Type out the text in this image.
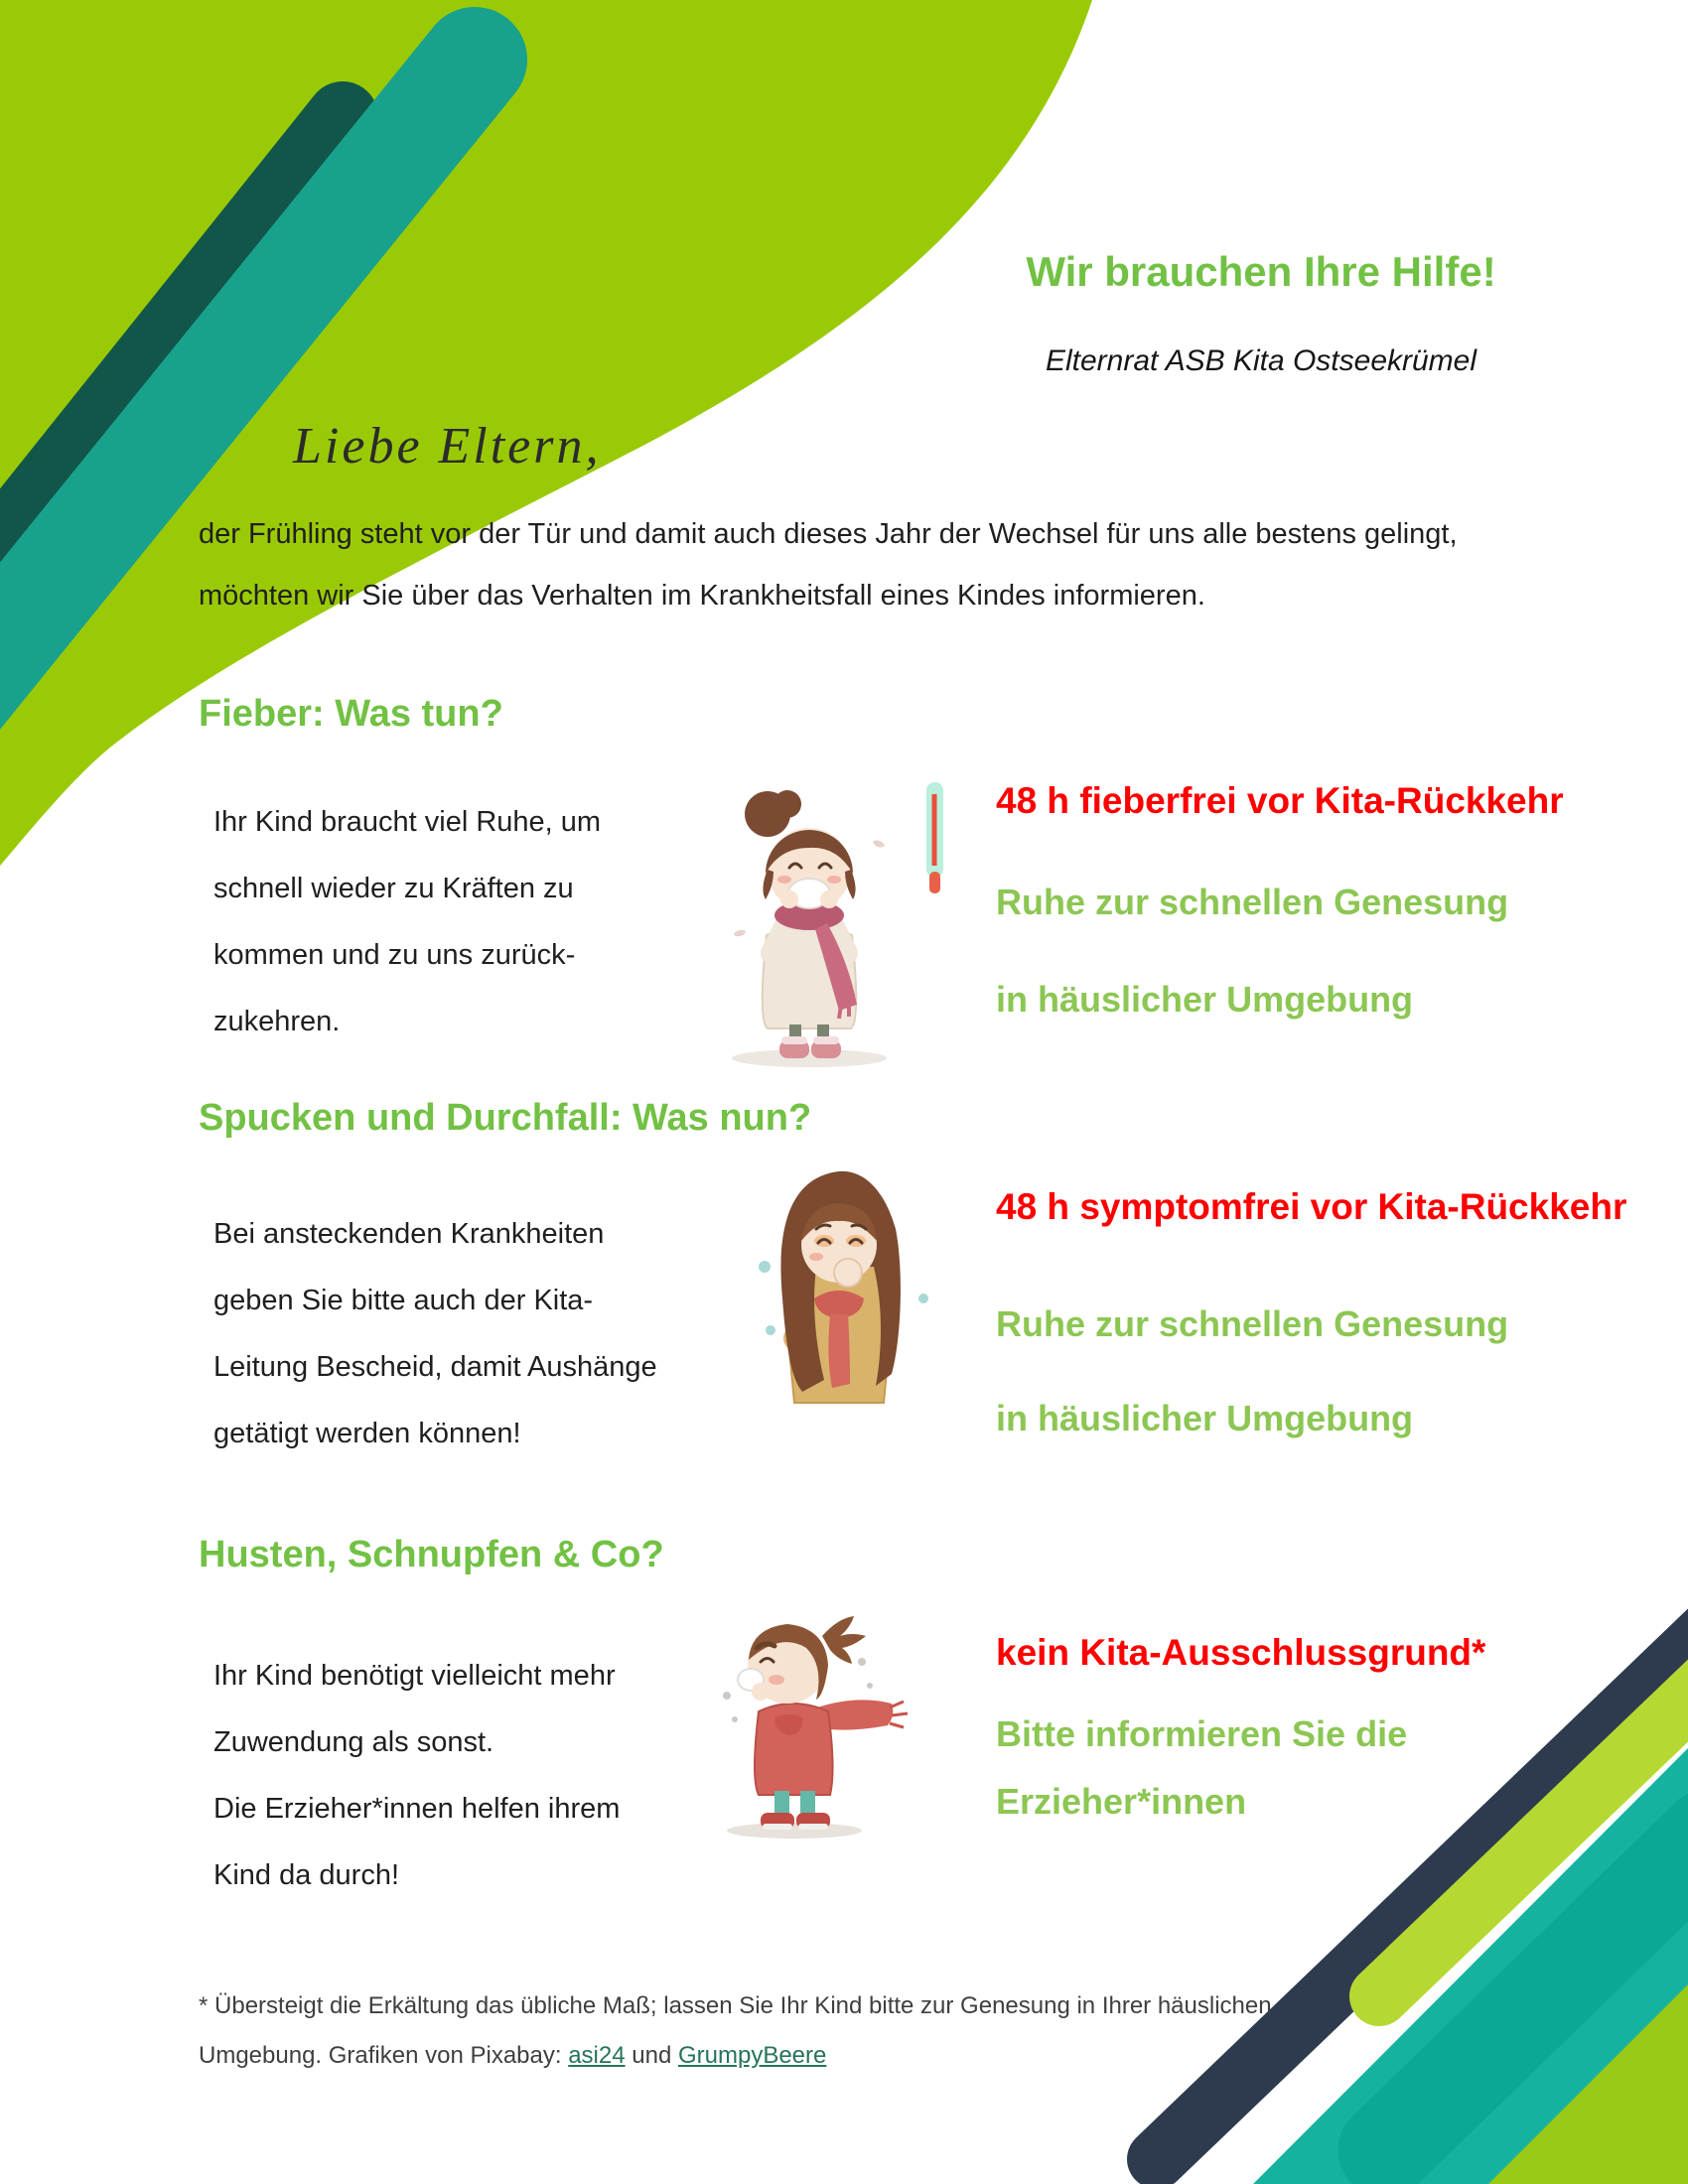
Wir brauchen Ihre Hilfe!
Elternrat ASB Kita Ostseekrümel
Liebe Eltern,
der Frühling steht vor der Tür und damit auch dieses Jahr der Wechsel für uns alle bestens gelingt,
möchten wir Sie über das Verhalten im Krankheitsfall eines Kindes informieren.
Fieber: Was tun?
Ihr Kind braucht viel Ruhe, um
schnell wieder zu Kräften zu
kommen und zu uns zurück-
zukehren.
48 h fieberfrei vor Kita-Rückkehr
Ruhe zur schnellen Genesung
in häuslicher Umgebung
Spucken und Durchfall: Was nun?
Bei ansteckenden Krankheiten
geben Sie bitte auch der Kita-
Leitung Bescheid, damit Aushänge
getätigt werden können!
48 h symptomfrei vor Kita-Rückkehr
Ruhe zur schnellen Genesung
in häuslicher Umgebung
Husten, Schnupfen & Co?
Ihr Kind benötigt vielleicht mehr
Zuwendung als sonst.
Die Erzieher*innen helfen ihrem
Kind da durch!
kein Kita-Ausschlussgrund*
Bitte informieren Sie die
Erzieher*innen
* Übersteigt die Erkältung das übliche Maß; lassen Sie Ihr Kind bitte zur Genesung in Ihrer häuslichen
Umgebung. Grafiken von Pixabay: asi24 und GrumpyBeere
